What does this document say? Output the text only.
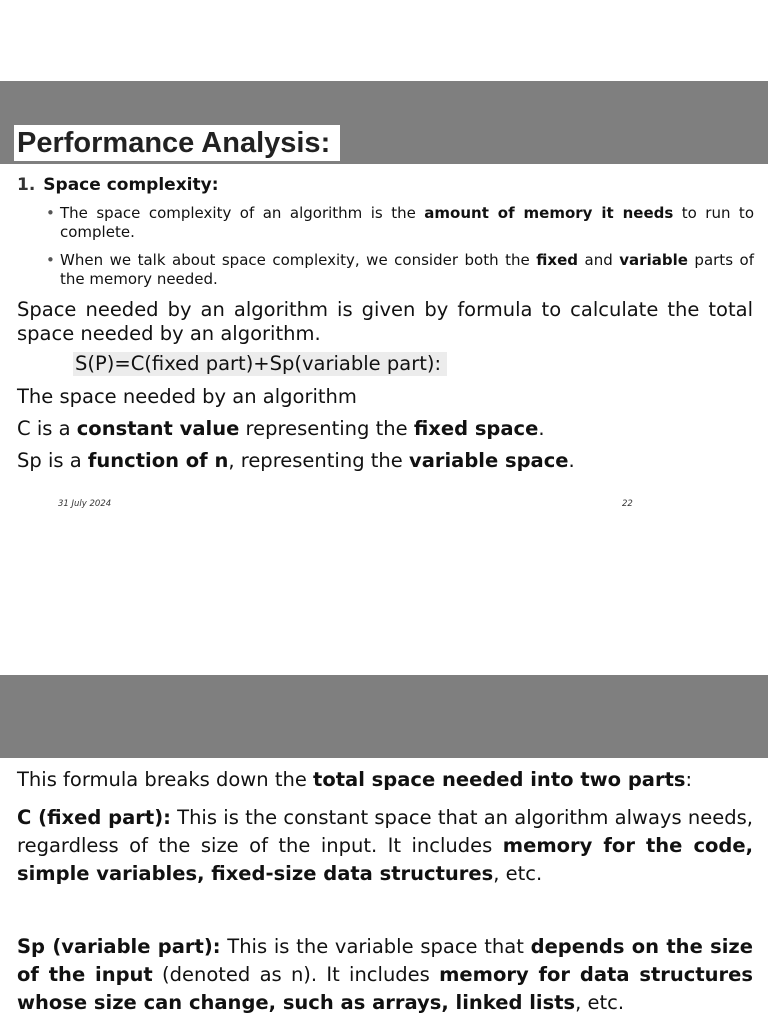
Performance Analysis:
1. Space complexity:
• The space complexity of an algorithm is the amount of memory it needs to run to complete.
• When we talk about space complexity, we consider both the fixed and variable parts of the memory needed.
Space needed by an algorithm is given by formula to calculate the total space needed by an algorithm.
S(P)=C(fixed part)+Sp(variable part):
The space needed by an algorithm
C is a constant value representing the fixed space.
Sp is a function of n, representing the variable space.
31 July 2024	22
This formula breaks down the total space needed into two parts:
C (fixed part): This is the constant space that an algorithm always needs, regardless of the size of the input. It includes memory for the code, simple variables, fixed-size data structures, etc.
Sp (variable part): This is the variable space that depends on the size of the input (denoted as n). It includes memory for data structures whose size can change, such as arrays, linked lists, etc.
